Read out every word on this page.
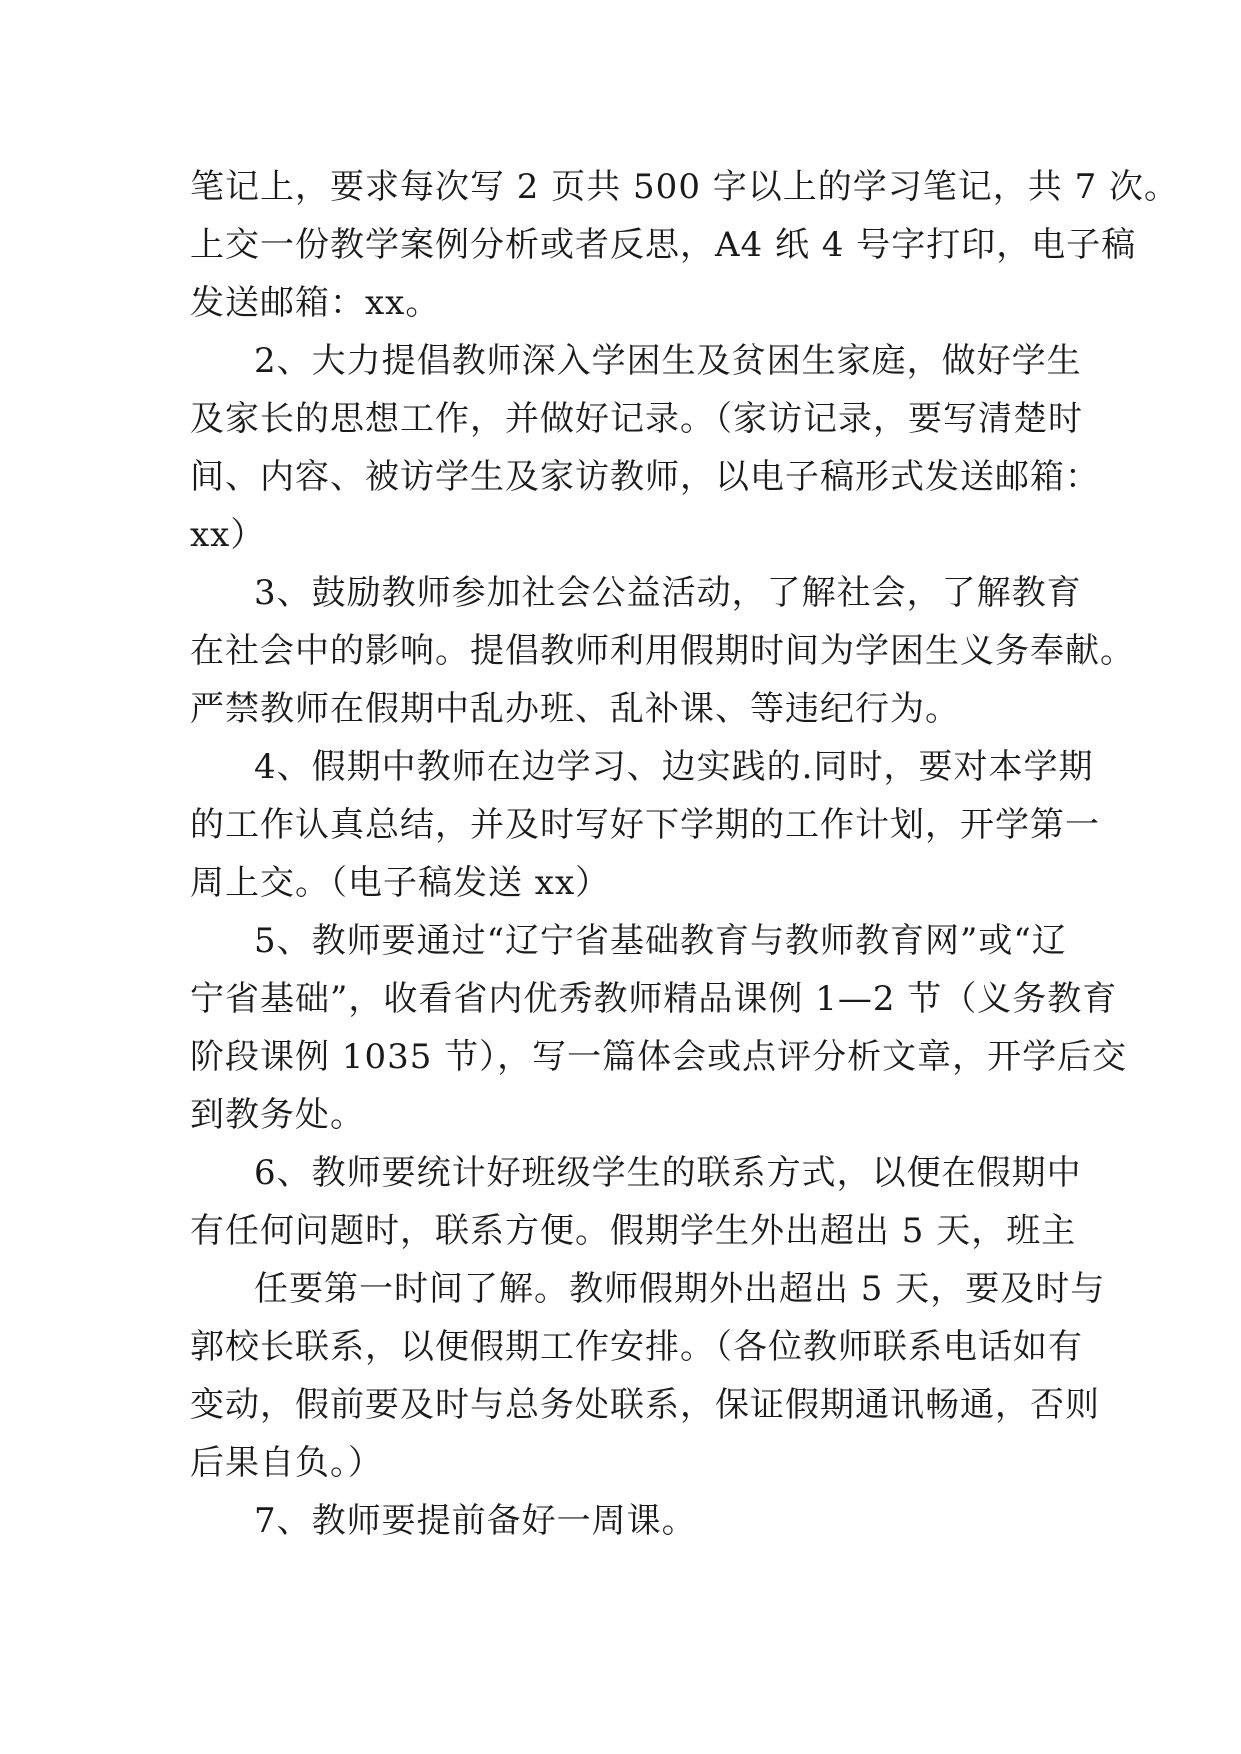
笔记上，要求每次写 2 页共 500 字以上的学习笔记，共 7 次。
上交一份教学案例分析或者反思，A4 纸 4 号字打印，电子稿
发送邮箱：xx。
2、大力提倡教师深入学困生及贫困生家庭，做好学生
及家长的思想工作，并做好记录。（家访记录，要写清楚时
间、内容、被访学生及家访教师，以电子稿形式发送邮箱：
xx）
3、鼓励教师参加社会公益活动，了解社会，了解教育
在社会中的影响。提倡教师利用假期时间为学困生义务奉献。
严禁教师在假期中乱办班、乱补课、等违纪行为。
4、假期中教师在边学习、边实践的.同时，要对本学期
的工作认真总结，并及时写好下学期的工作计划，开学第一
周上交。（电子稿发送 xx）
5、教师要通过“辽宁省基础教育与教师教育网”或“辽
宁省基础”，收看省内优秀教师精品课例 1—2 节（义务教育
阶段课例 1035 节），写一篇体会或点评分析文章，开学后交
到教务处。
6、教师要统计好班级学生的联系方式，以便在假期中
有任何问题时，联系方便。假期学生外出超出 5 天，班主
任要第一时间了解。教师假期外出超出 5 天，要及时与
郭校长联系，以便假期工作安排。（各位教师联系电话如有
变动，假前要及时与总务处联系，保证假期通讯畅通，否则
后果自负。）
7、教师要提前备好一周课。
